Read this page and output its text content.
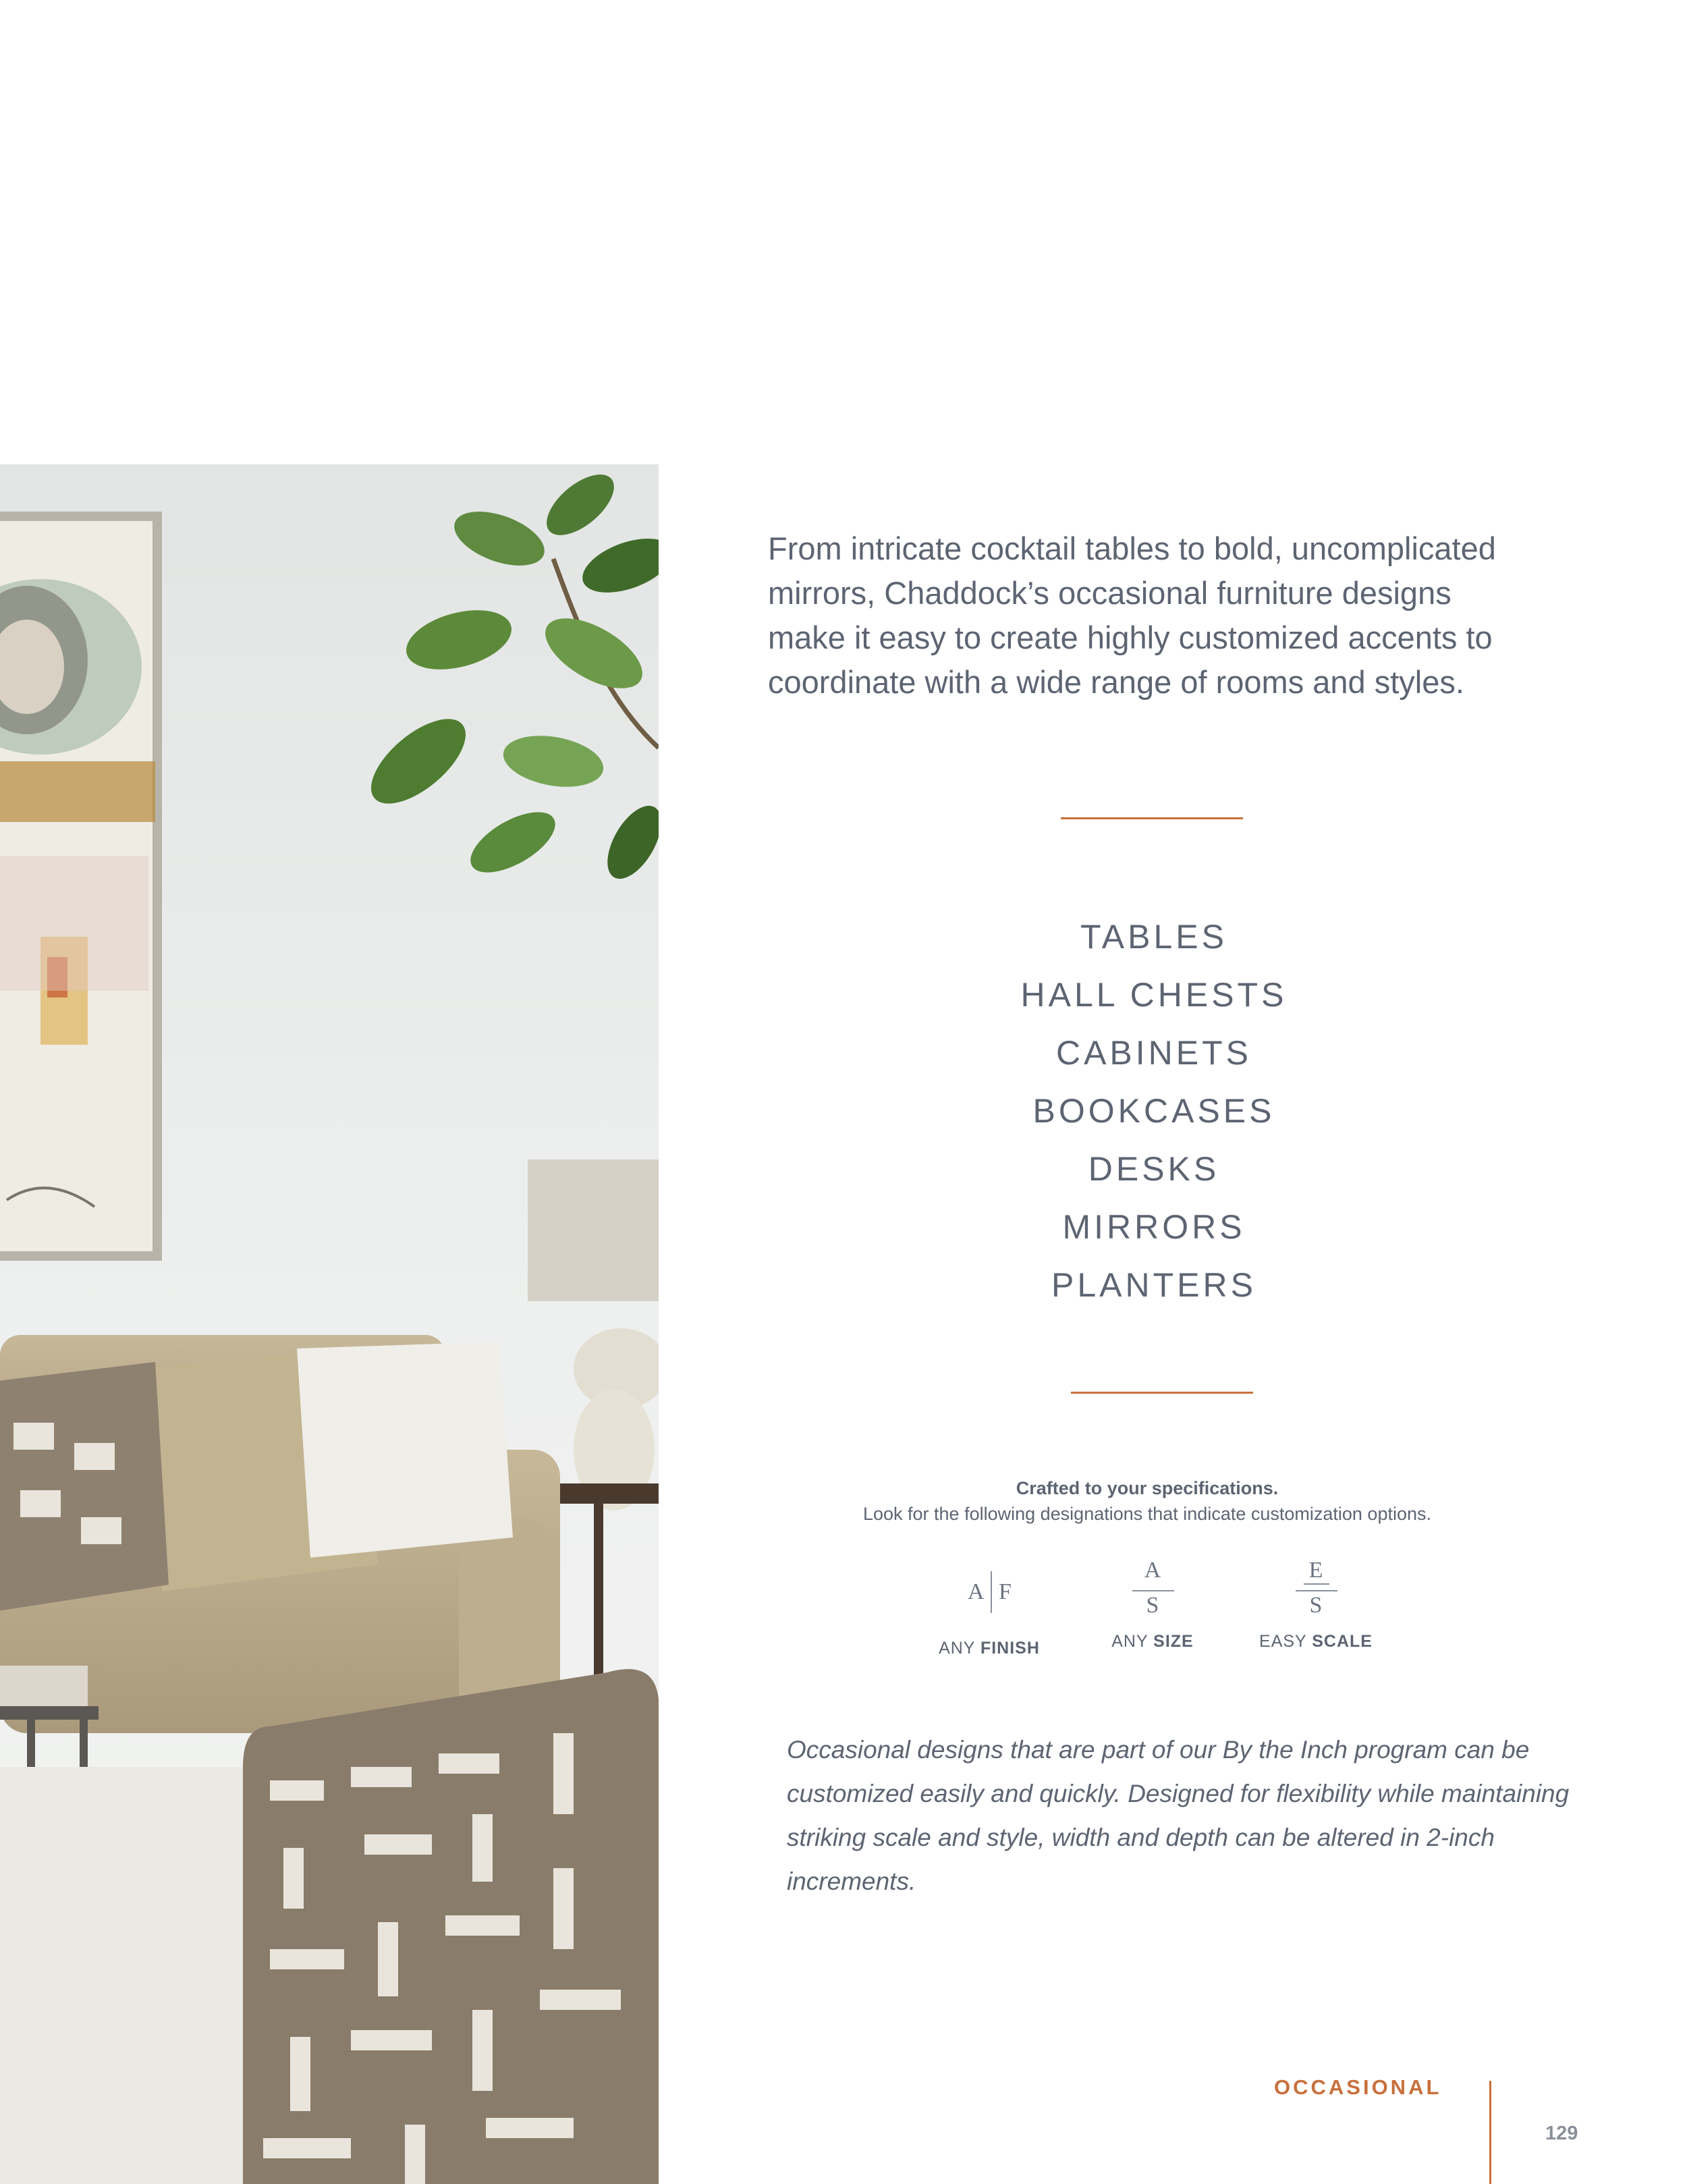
From intricate cocktail tables to bold, uncomplicated mirrors, Chaddock’s occasional furniture designs make it easy to create highly customized accents to coordinate with a wide range of rooms and styles.

TABLES
HALL CHESTS
CABINETS
BOOKCASES
DESKS
MIRRORS
PLANTERS
Crafted to your specifications.
Look for the following designations that indicate customization options.
A F
ANY FINISH
A
S
ANY SIZE
E
S
EASY SCALE

Occasional designs that are part of our By the Inch program can be customized easily and quickly. Designed for flexibility while maintaining striking scale and style, width and depth can be altered in 2-inch increments.

OCCASIONAL
129
